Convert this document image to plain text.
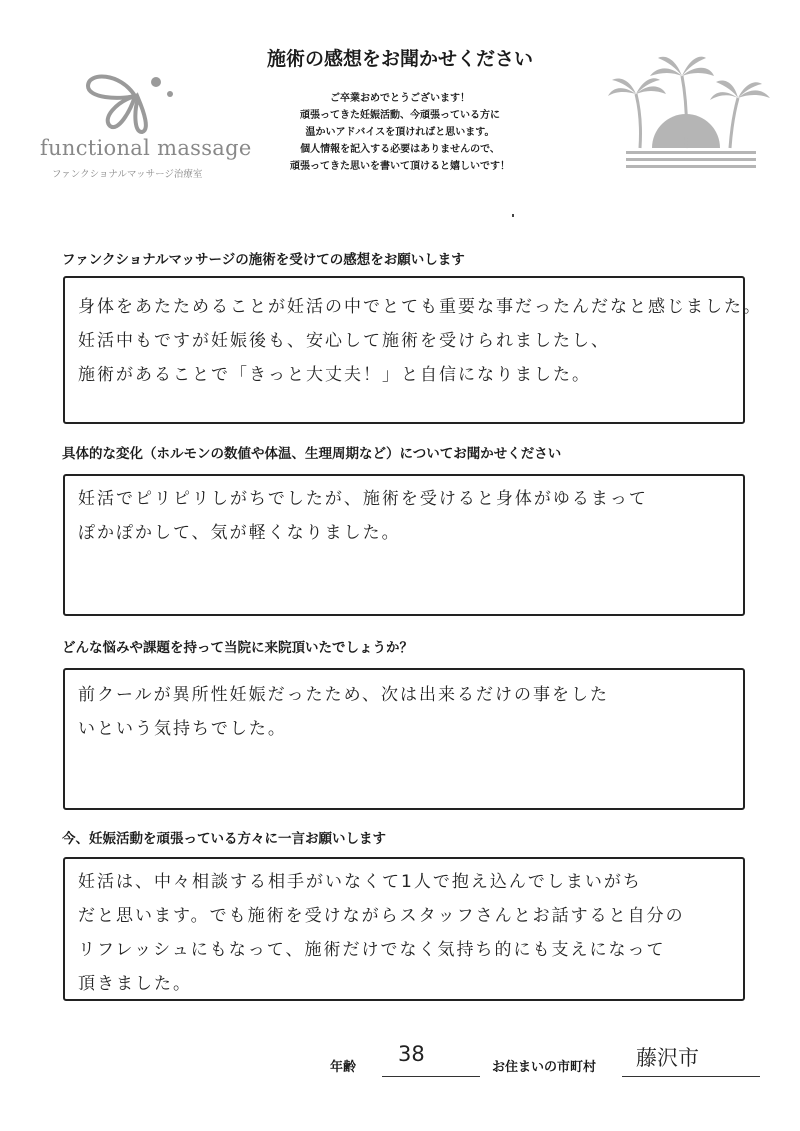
functional massage
ファンクショナルマッサージ治療室
施術の感想をお聞かせください
ご卒業おめでとうございます！
頑張ってきた妊娠活動、今頑張っている方に
温かいアドバイスを頂ければと思います。
個人情報を記入する必要はありませんので、
頑張ってきた思いを書いて頂けると嬉しいです！
ファンクショナルマッサージの施術を受けての感想をお願いします
身体をあたためることが妊活の中でとても重要な事だったんだなと感じました。
妊活中もですが妊娠後も、安心して施術を受けられましたし、
施術があることで「きっと大丈夫！」と自信になりました。
具体的な変化（ホルモンの数値や体温、生理周期など）についてお聞かせください
妊活でピリピリしがちでしたが、施術を受けると身体がゆるまって
ぽかぽかして、気が軽くなりました。
どんな悩みや課題を持って当院に来院頂いたでしょうか？
前クールが異所性妊娠だったため、次は出来るだけの事をした
いという気持ちでした。
今、妊娠活動を頑張っている方々に一言お願いします
妊活は、中々相談する相手がいなくて1人で抱え込んでしまいがち
だと思います。でも施術を受けながらスタッフさんとお話すると自分の
リフレッシュにもなって、施術だけでなく気持ち的にも支えになって
頂きました。
年齢
38
お住まいの市町村 藤沢市
